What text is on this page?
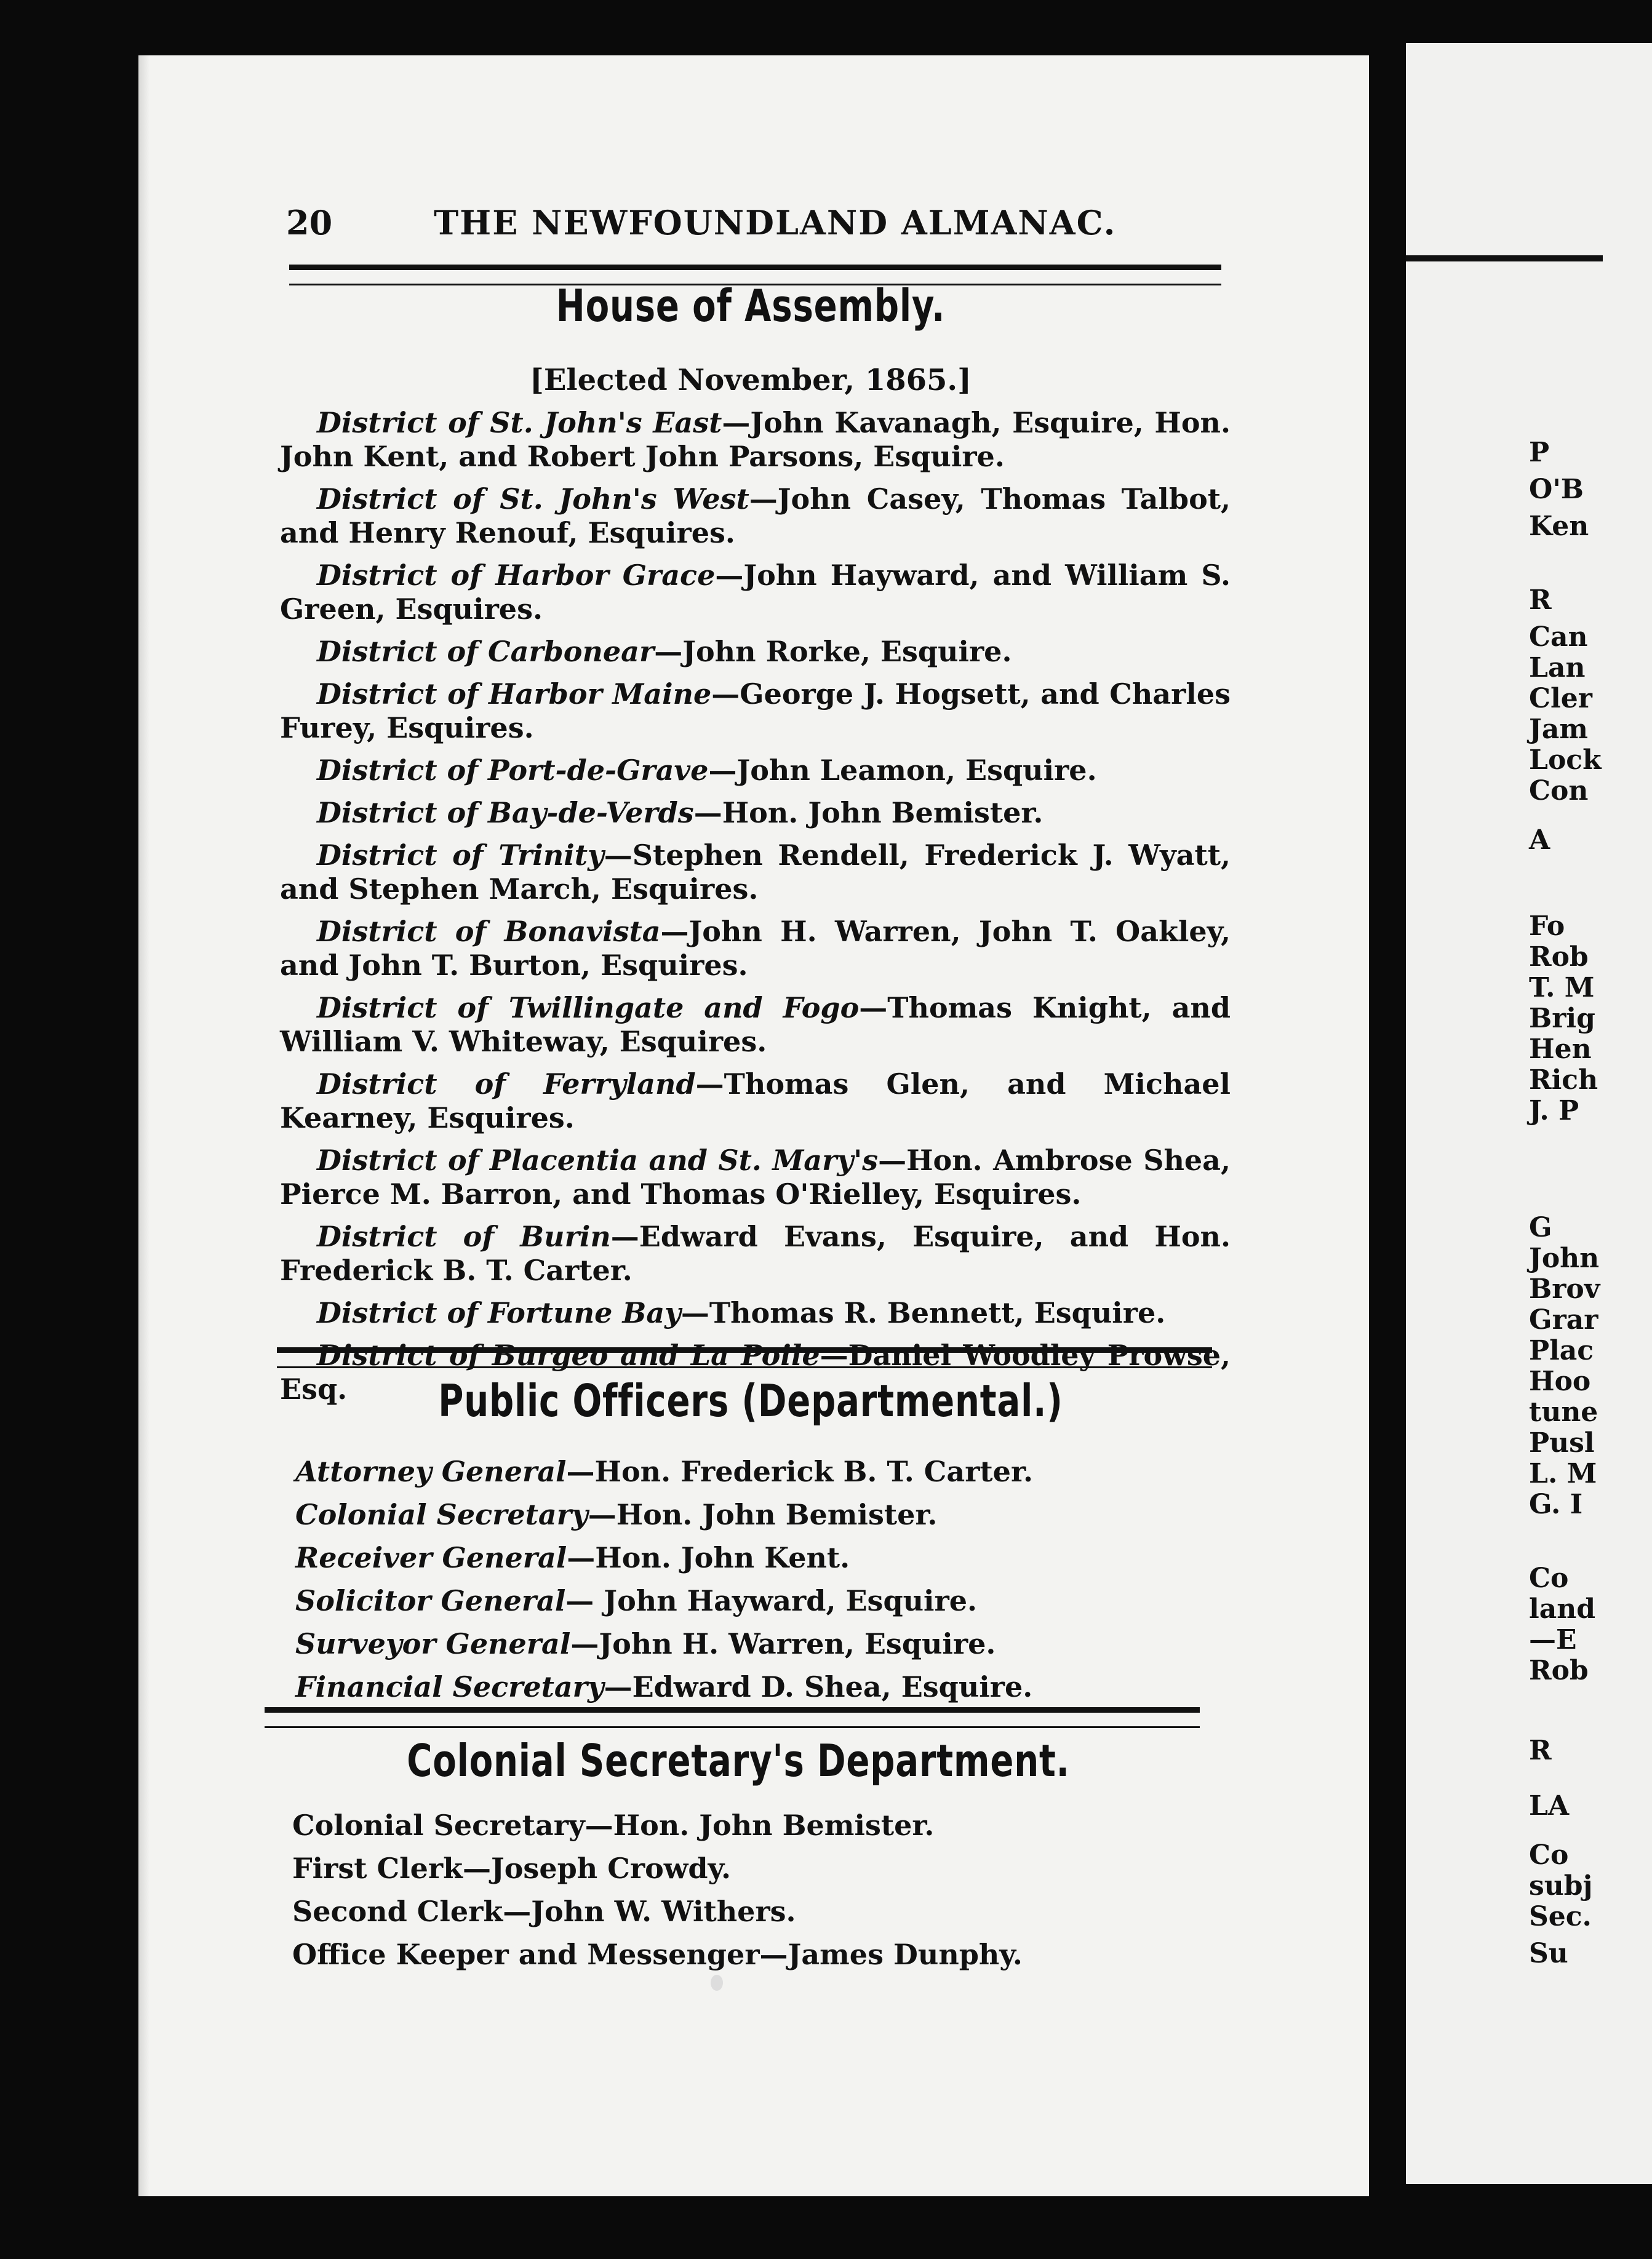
P
O'B
Ken
R
Can
Lan
Cler
Jam
Lock
Con
A
Fo
Rob
T. M
Brig
Hen
Rich
J. P
G
John
Brov
Grar
Plac
Hoo
tune
Pusl
L. M
G. I
Co
land
—E
Rob
R
LA
Co
subj
Sec.
Su
20	THE NEWFOUNDLAND ALMANAC.
House of Assembly.
[Elected November, 1865.]

District of St. John's East—John Kavanagh, Esquire, Hon. John Kent, and Robert John Parsons, Esquire.

District of St. John's West—John Casey, Thomas Talbot, and Henry Renouf, Esquires.

District of Harbor Grace—John Hayward, and William S. Green, Esquires.

District of Carbonear—John Rorke, Esquire.

District of Harbor Maine—George J. Hogsett, and Charles Furey, Esquires.

District of Port-de-Grave—John Leamon, Esquire.

District of Bay-de-Verds—Hon. John Bemister.

District of Trinity—Stephen Rendell, Frederick J. Wyatt, and Stephen March, Esquires.

District of Bonavista—John H. Warren, John T. Oakley, and John T. Burton, Esquires.

District of Twillingate and Fogo—Thomas Knight, and William V. Whiteway, Esquires.

District of Ferryland—Thomas Glen, and Michael Kearney, Esquires.

District of Placentia and St. Mary's—Hon. Ambrose Shea, Pierce M. Barron, and Thomas O'Rielley, Esquires.

District of Burin—Edward Evans, Esquire, and Hon. Frederick B. T. Carter.

District of Fortune Bay—Thomas R. Bennett, Esquire.

District of Burgeo and La Poile—Daniel Woodley Prowse, Esq.	Public Officers (Departmental.)
Attorney General—Hon. Frederick B. T. Carter.
Colonial Secretary—Hon. John Bemister.
Receiver General—Hon. John Kent.
Solicitor General— John Hayward, Esquire.
Surveyor General—John H. Warren, Esquire.
Financial Secretary—Edward D. Shea, Esquire.
Colonial Secretary's Department.
Colonial Secretary—Hon. John Bemister.
First Clerk—Joseph Crowdy.
Second Clerk—John W. Withers.
Office Keeper and Messenger—James Dunphy.
